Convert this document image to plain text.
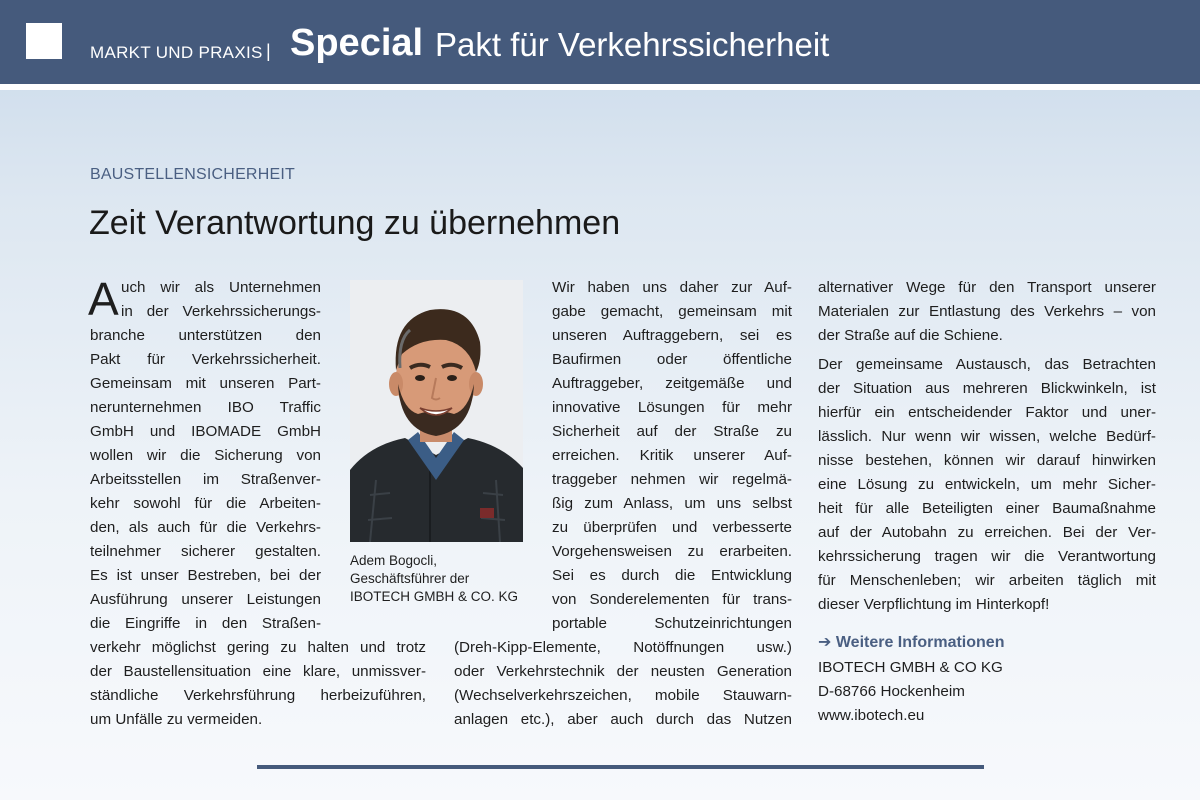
MARKT UND PRAXIS | Special Pakt für Verkehrssicherheit
BAUSTELLENSICHERHEIT
Zeit Verantwortung zu übernehmen
A uch wir als Unternehmen
in der Verkehrssicherungs-
branche unterstützen den
Pakt für Verkehrssicherheit.
Gemeinsam mit unseren Part-
nerunternehmen IBO Traffic
GmbH und IBOMADE GmbH
wollen wir die Sicherung von
Arbeitsstellen im Straßenver-
kehr sowohl für die Arbeiten-
den, als auch für die Verkehrs-
teilnehmer sicherer gestalten.
Es ist unser Bestreben, bei der
Ausführung unserer Leistungen
die Eingriffe in den Straßen-
verkehr möglichst gering zu halten und trotz
der Baustellensituation eine klare, unmissver-
ständliche Verkehrsführung herbeizuführen,
um Unfälle zu vermeiden.
Adem Bogocli,
Geschäftsführer der
IBOTECH GMBH & CO. KG
Wir haben uns daher zur Auf-
gabe gemacht, gemeinsam mit
unseren Auftraggebern, sei es
Baufirmen oder öffentliche
Auftraggeber, zeitgemäße und
innovative Lösungen für mehr
Sicherheit auf der Straße zu
erreichen. Kritik unserer Auf-
traggeber nehmen wir regelmä-
ßig zum Anlass, um uns selbst
zu überprüfen und verbesserte
Vorgehensweisen zu erarbeiten.
Sei es durch die Entwicklung
von Sonderelementen für trans-
portable Schutzeinrichtungen
(Dreh-Kipp-Elemente, Notöffnungen usw.)
oder Verkehrstechnik der neusten Generation
(Wechselverkehrszeichen, mobile Stauwarn-
anlagen etc.), aber auch durch das Nutzen
alternativer Wege für den Transport unserer
Materialen zur Entlastung des Verkehrs – von
der Straße auf die Schiene.
Der gemeinsame Austausch, das Betrachten
der Situation aus mehreren Blickwinkeln, ist
hierfür ein entscheidender Faktor und uner-
lässlich. Nur wenn wir wissen, welche Bedürf-
nisse bestehen, können wir darauf hinwirken
eine Lösung zu entwickeln, um mehr Sicher-
heit für alle Beteiligten einer Baumaßnahme
auf der Autobahn zu erreichen. Bei der Ver-
kehrssicherung tragen wir die Verantwortung
für Menschenleben; wir arbeiten täglich mit
dieser Verpflichtung im Hinterkopf!
➔ Weitere Informationen
IBOTECH GMBH & CO KG
D-68766 Hockenheim
www.ibotech.eu
